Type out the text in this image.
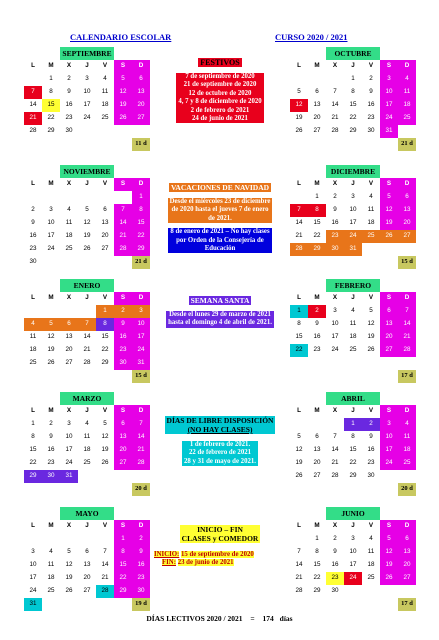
CALENDARIO ESCOLAR	CURSO 2020 / 2021
		SEPTIEMBRE				
L	M	X	J	V	S	D
	1	2	3	4	5	6
7	8	9	10	11	12	13
14	15	16	17	18	19	20
21	22	23	24	25	26	27
28	29	30				
						11 d
		OCTUBRE				
L	M	X	J	V	S	D
			1	2	3	4
5	6	7	8	9	10	11
12	13	14	15	16	17	18
19	20	21	22	23	24	25
26	27	28	29	30	31	
						21 d
		NOVIEMBRE				
L	M	X	J	V	S	D
						1
2	3	4	5	6	7	8
9	10	11	12	13	14	15
16	17	18	19	20	21	22
23	24	25	26	27	28	29
30						21 d
		DICIEMBRE				
L	M	X	J	V	S	D
	1	2	3	4	5	6
7	8	9	10	11	12	13
14	15	16	17	18	19	20
21	22	23	24	25	26	27
28	29	30	31			
						15 d
		ENERO				
L	M	X	J	V	S	D
				1	2	3
4	5	6	7	8	9	10
11	12	13	14	15	16	17
18	19	20	21	22	23	24
25	26	27	28	29	30	31
						15 d
		FEBRERO				
L	M	X	J	V	S	D
1	2	3	4	5	6	7
8	9	10	11	12	13	14
15	16	17	18	19	20	21
22	23	24	25	26	27	28

						17 d
		MARZO				
L	M	X	J	V	S	D
1	2	3	4	5	6	7
8	9	10	11	12	13	14
15	16	17	18	19	20	21
22	23	24	25	26	27	28
29	30	31				
						20 d
		ABRIL				
L	M	X	J	V	S	D
			1	2	3	4
5	6	7	8	9	10	11
12	13	14	15	16	17	18
19	20	21	22	23	24	25
26	27	28	29	30		
						20 d
		MAYO				
L	M	X	J	V	S	D
					1	2
3	4	5	6	7	8	9
10	11	12	13	14	15	16
17	18	19	20	21	22	23
24	25	26	27	28	29	30
31						19 d
		JUNIO				
L	M	X	J	V	S	D
	1	2	3	4	5	6
7	8	9	10	11	12	13
14	15	16	17	18	19	20
21	22	23	24	25	26	27
28	29	30				
						17 d
FESTIVOS
7 de septiembre de 2020
21 de septiembre de 2020
12 de octubre de 2020
4, 7 y 8 de diciembre de 2020
2 de febrero de 2021
24 de junio de 2021
VACACIONES DE NAVIDAD
Desde el miércoles 23 de diciembre
de 2020 hasta el jueves 7 de enero
de 2021.
8 de enero de 2021 – No hay clases
por Orden de la Consejería de
Educación
SEMANA SANTA
Desde el lunes 29 de marzo de 2021
hasta el domingo 4 de abril de 2021.
DÍAS DE LIBRE DISPOSICIÓN
(NO HAY CLASES)
1 de febrero de 2021.
22 de febrero de 2021
28 y 31 de mayo de 2021.
INICIO – FIN
CLASES y COMEDOR
INICIO: 15 de septiembre de 2020
FIN: 23 de junio de 2021
DÍAS LECTIVOS 2020 / 2021 = 174 días
